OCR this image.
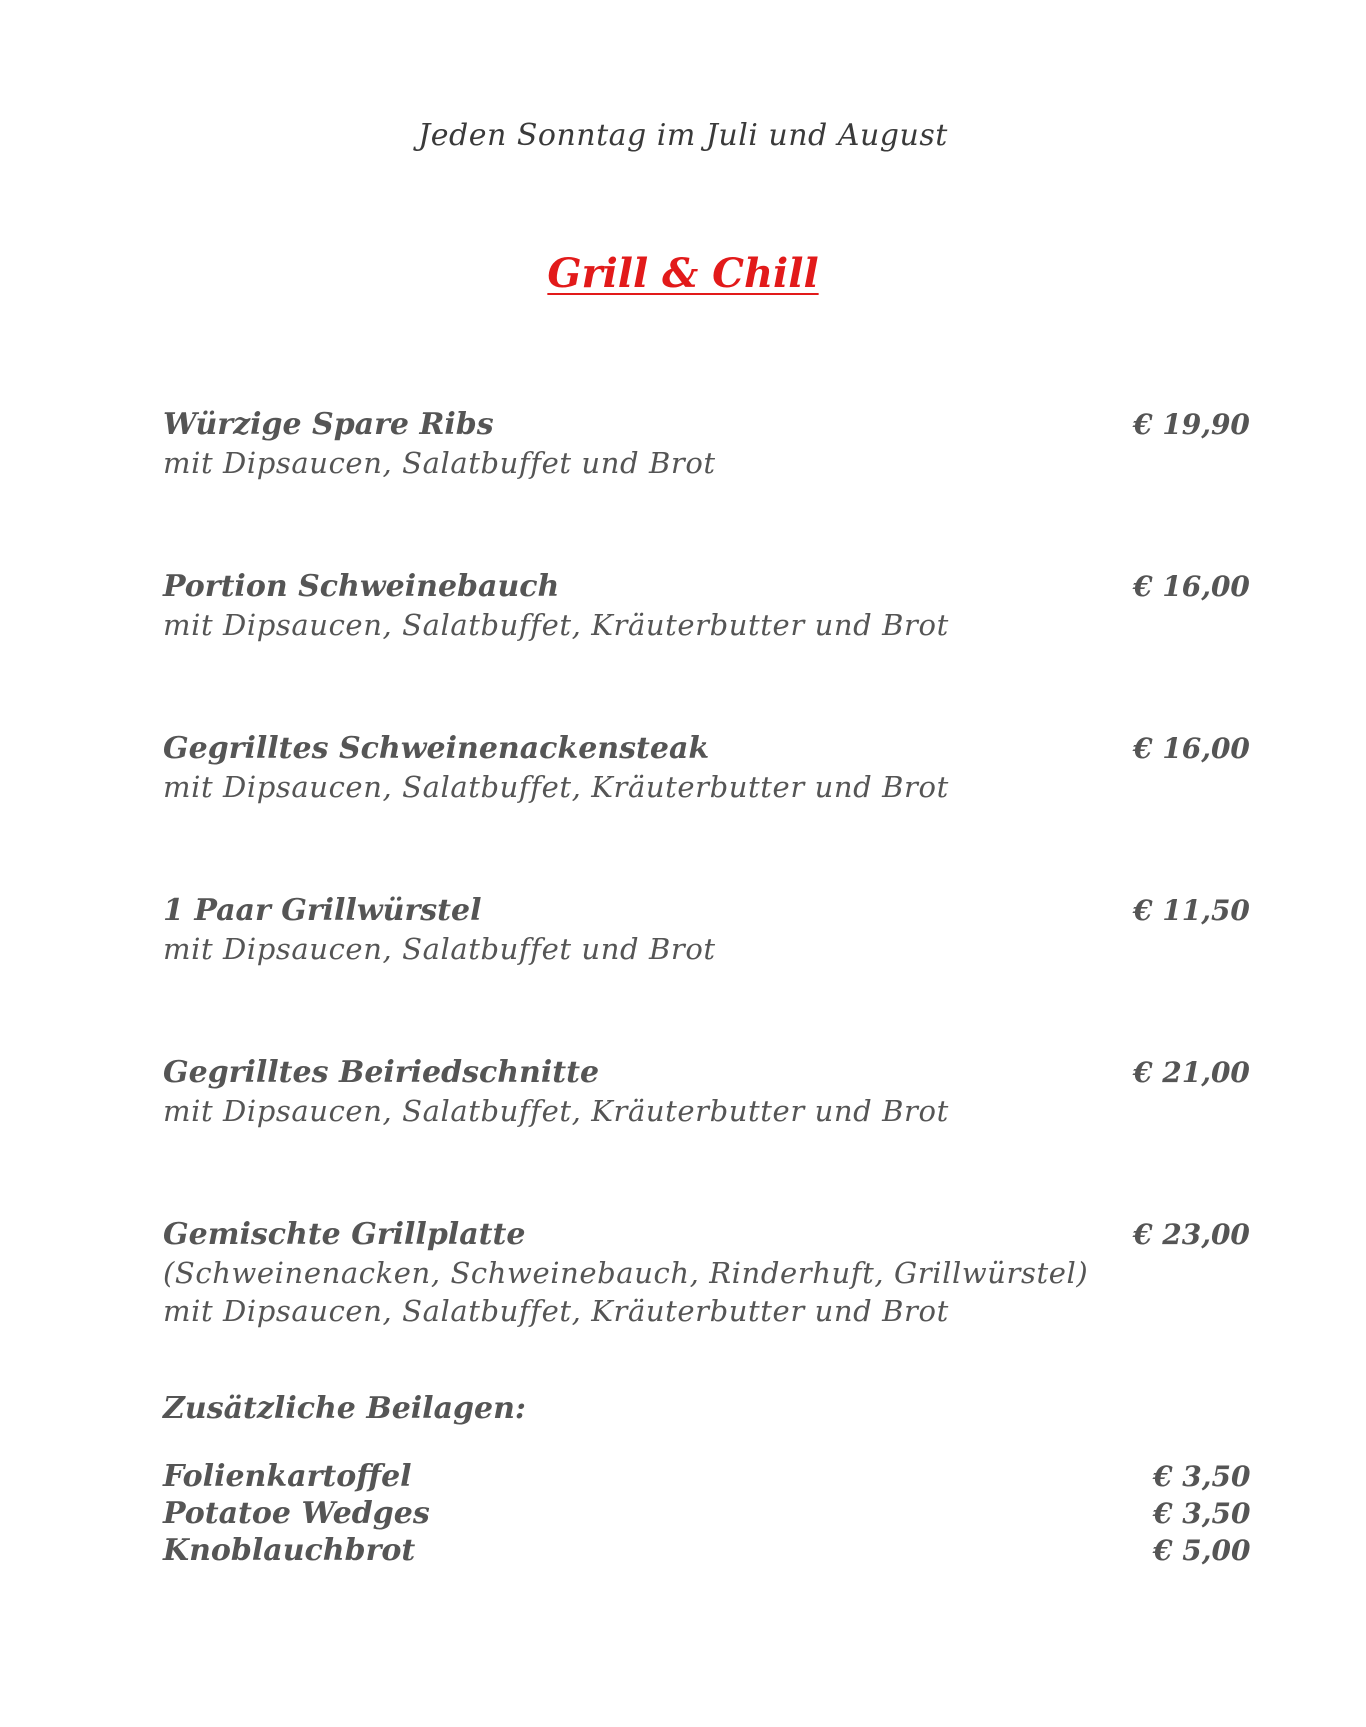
Jeden Sonntag im Juli und August
Grill & Chill
Würzige Spare Ribs
mit Dipsaucen, Salatbuffet und Brot
€ 19,90
Portion Schweinebauch
mit Dipsaucen, Salatbuffet, Kräuterbutter und Brot
€ 16,00
Gegrilltes Schweinenackensteak
mit Dipsaucen, Salatbuffet, Kräuterbutter und Brot
€ 16,00
1 Paar Grillwürstel
mit Dipsaucen, Salatbuffet und Brot
€ 11,50
Gegrilltes Beiriedschnitte
mit Dipsaucen, Salatbuffet, Kräuterbutter und Brot
€ 21,00
Gemischte Grillplatte
(Schweinenacken, Schweinebauch, Rinderhuft, Grillwürstel)
mit Dipsaucen, Salatbuffet, Kräuterbutter und Brot
€ 23,00
Zusätzliche Beilagen:
Folienkartoffel	€ 3,50
Potatoe Wedges	€ 3,50
Knoblauchbrot	€ 5,00
